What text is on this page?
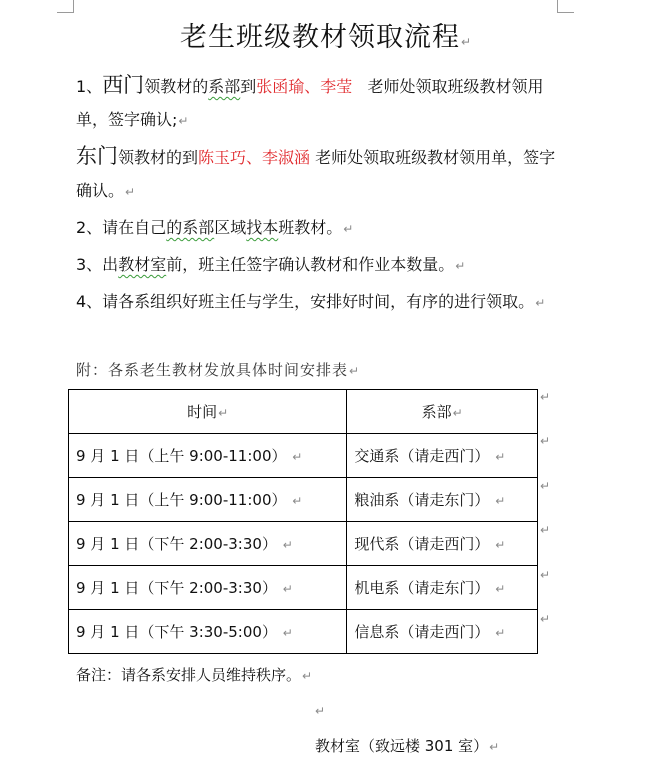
老生班级教材领取流程↵

1、西门领教材的系部到张函瑜、李莹   老师处领取班级教材领用单，签字确认;↵

东门领教材的到陈玉巧、李淑涵 老师处领取班级教材领用单，签字确认。↵

2、请在自己的系部区域找本班教材。↵

3、出教材室前，班主任签字确认教材和作业本数量。↵

4、请各系组织好班主任与学生，安排好时间，有序的进行领取。↵

附：各系老生教材发放具体时间安排表↵
时间↵	系部↵
9 月 1 日（上午 9:00-11:00） ↵	交通系（请走西门） ↵
9 月 1 日（上午 9:00-11:00） ↵	粮油系（请走东门） ↵
9 月 1 日（下午 2:00-3:30） ↵	现代系（请走西门） ↵
9 月 1 日（下午 2:00-3:30） ↵	机电系（请走东门） ↵
9 月 1 日（下午 3:30-5:00） ↵	信息系（请走西门） ↵
↵
↵
↵
↵
↵
↵
备注：请各系安排人员维持秩序。↵
↵
教材室（致远楼 301 室）↵
